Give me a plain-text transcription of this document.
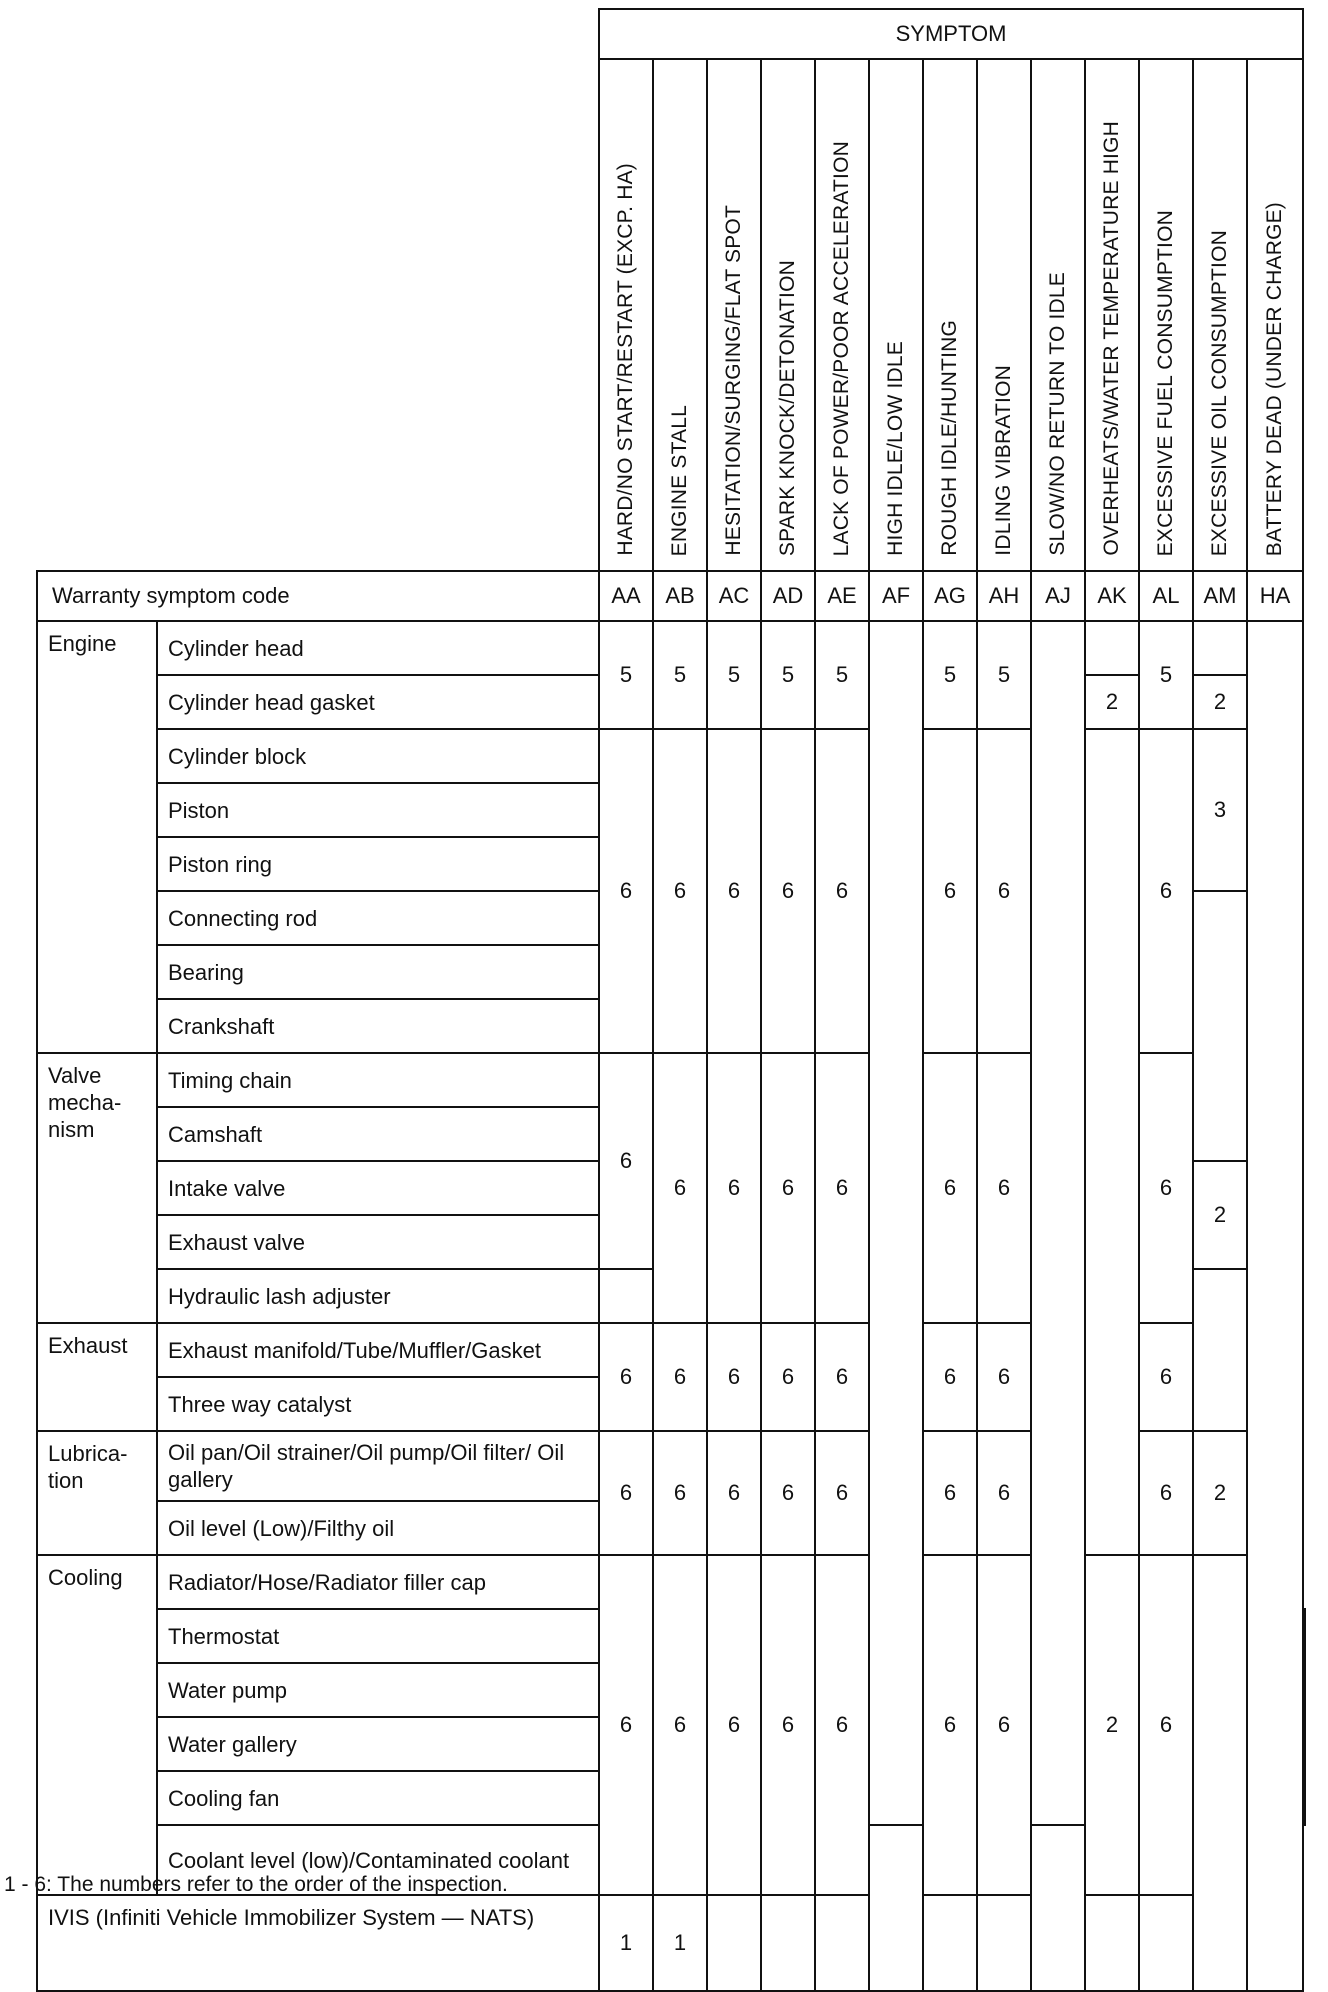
		SYMPTOM													

		HARD/NO START/RESTART (EXCP. HA)	ENGINE STALL	HESITATION/SURGING/FLAT SPOT	SPARK KNOCK/DETONATION	LACK OF POWER/POOR ACCELERATION	HIGH IDLE/LOW IDLE	ROUGH IDLE/HUNTING	IDLING VIBRATION	SLOW/NO RETURN TO IDLE	OVERHEATS/WATER TEMPERATURE HIGH	EXCESSIVE FUEL CONSUMPTION	EXCESSIVE OIL CONSUMPTION	BATTERY DEAD (UNDER CHARGE)	

Warranty symptom code		AA	AB	AC	AD	AE	AF	AG	AH	AJ	AK	AL	AM	HA	
Engine	Cylinder head	5	5	5	5	5		5	5			5			
	Cylinder head gasket										2		2		
	Cylinder block	6	6	6	6	6		6	6			6	3		
	Piston														
	Piston ring														
	Connecting rod														
	Bearing														
	Crankshaft														
Valve mecha-nism	Timing chain	6	6	6	6	6		6	6			6			
	Camshaft														
	Intake valve												2		
	Exhaust valve														
	Hydraulic lash adjuster														
Exhaust	Exhaust manifold/Tube/Muffler/Gasket	6	6	6	6	6		6	6			6			
	Three way catalyst														
Lubrica-tion	Oil pan/Oil strainer/Oil pump/Oil filter/ Oil gallery	6	6	6	6	6		6	6			6	2		
	Oil level (Low)/Filthy oil														
Cooling	Radiator/Hose/Radiator filler cap	6	6	6	6	6		6	6		2	6			
	Thermostat		
	Water pump														
	Water gallery														
	Cooling fan		
	Coolant level (low)/Contaminated coolant														
IVIS (Infiniti Vehicle Immobilizer System — NATS)		1	1												
1 - 6: The numbers refer to the order of the inspection.
